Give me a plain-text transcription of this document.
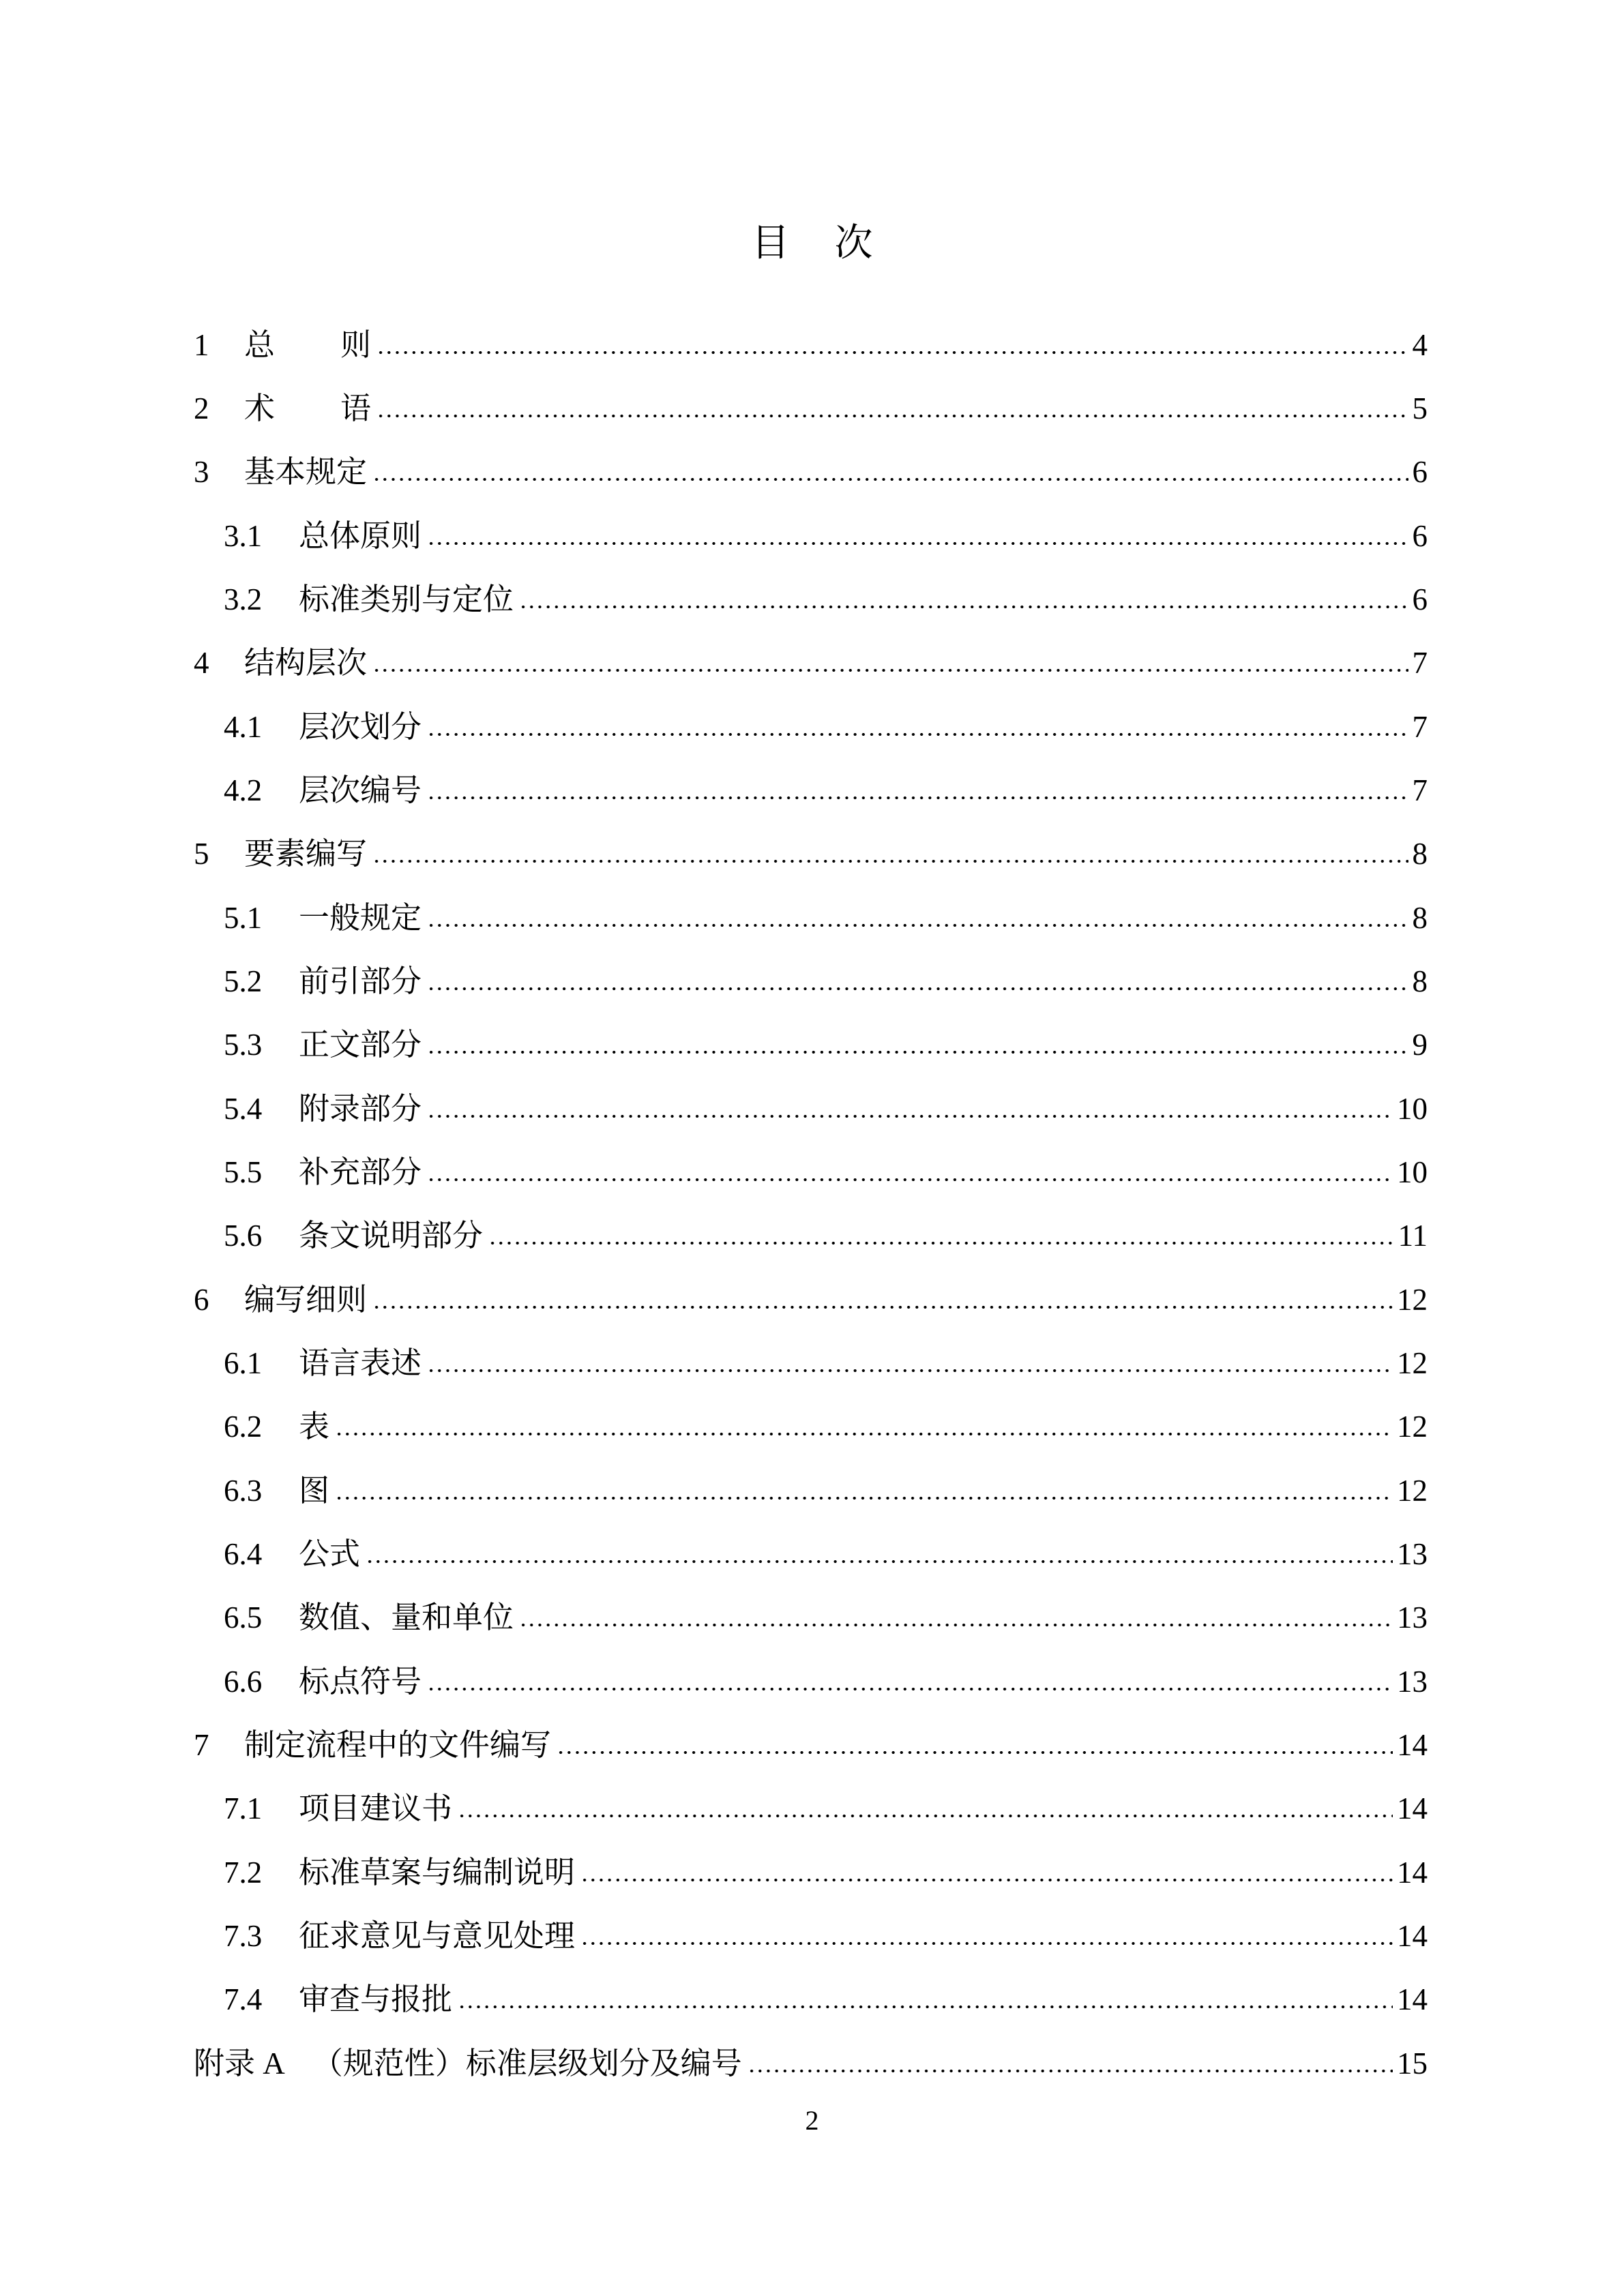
目 次
1	总 则	4
2	术 语	5
3	基本规定	6
3.1	总体原则	6
3.2	标准类别与定位	6
4	结构层次	7
4.1	层次划分	7
4.2	层次编号	7
5	要素编写	8
5.1	一般规定	8
5.2	前引部分	8
5.3	正文部分	9
5.4	附录部分	10
5.5	补充部分	10
5.6	条文说明部分	11
6	编写细则	12
6.1	语言表述	12
6.2	表	12
6.3	图	12
6.4	公式	13
6.5	数值、量和单位	13
6.6	标点符号	13
7	制定流程中的文件编写	14
7.1	项目建议书	14
7.2	标准草案与编制说明	14
7.3	征求意见与意见处理	14
7.4	审查与报批	14
附录 A （规范性）标准层级划分及编号	15
2
